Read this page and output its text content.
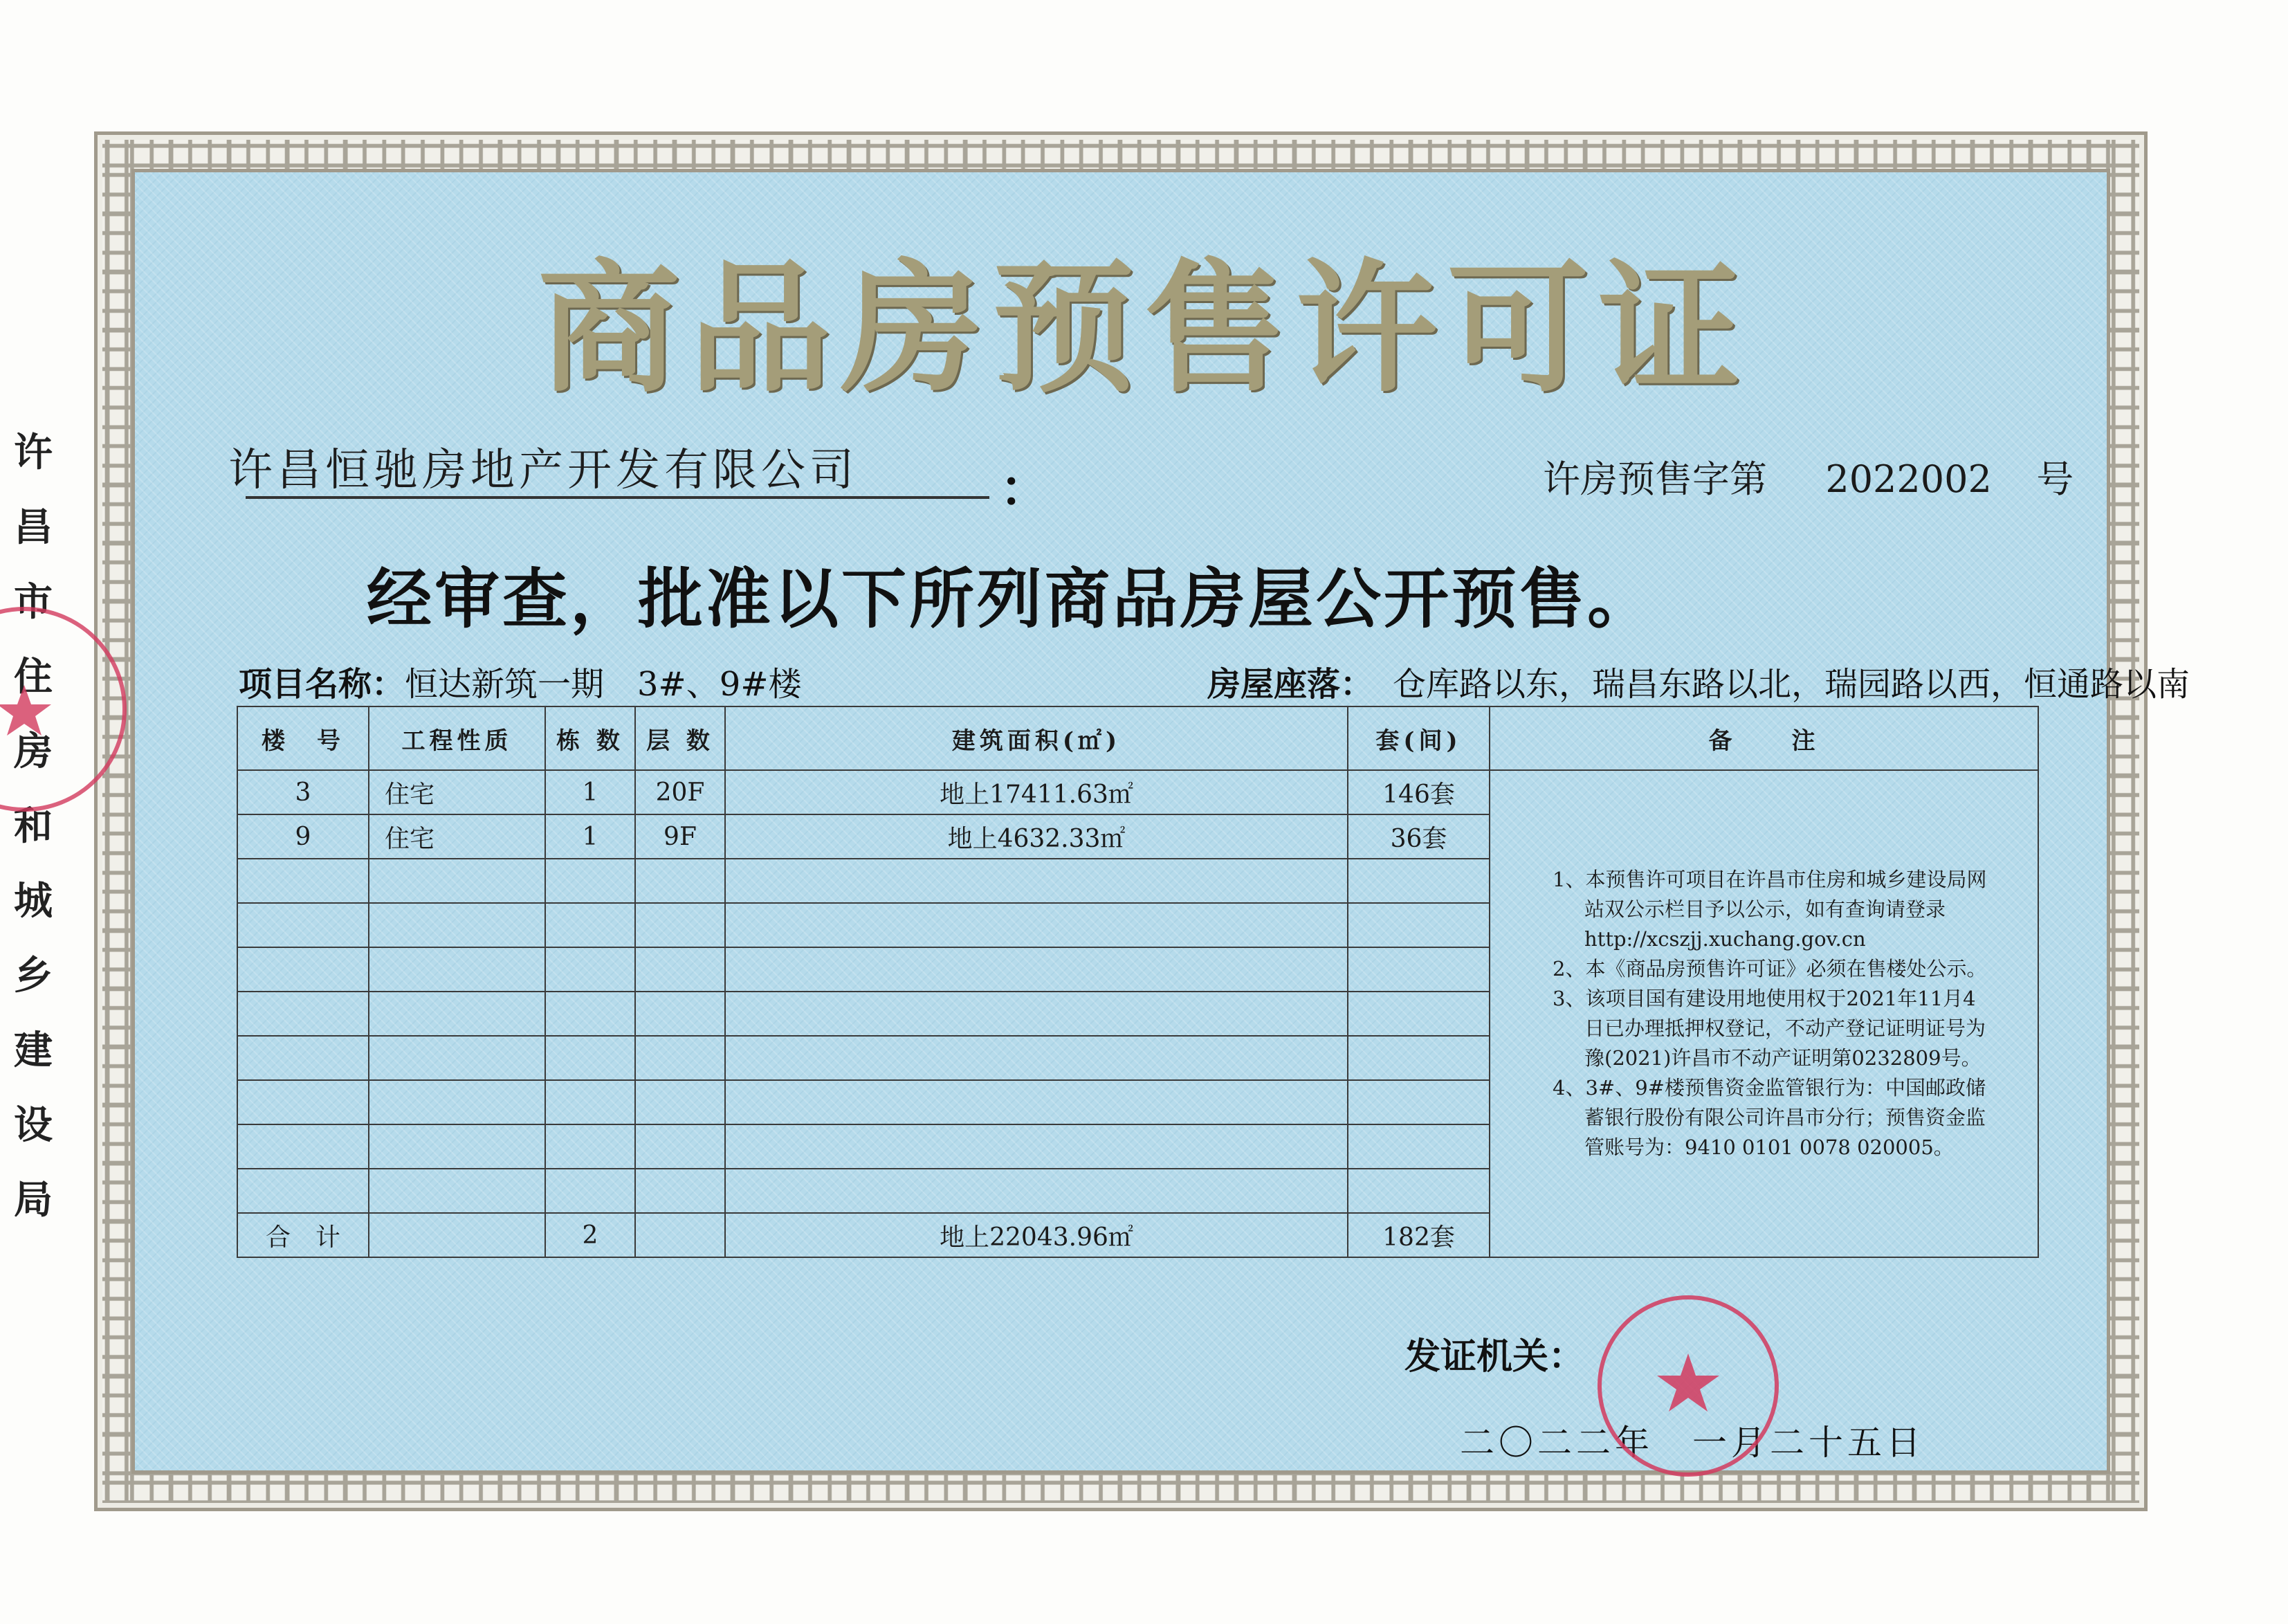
许
昌
市
住
房
和
城
乡
建
设
局
商品房预售许可证
许昌恒驰房地产开发有限公司	：	许房预售字第 2022002 号
经审查，批准以下所列商品房屋公开预售。
项目名称：恒达新筑一期　3#、9#楼	房屋座落： 仓库路以东，瑞昌东路以北，瑞园路以西，恒通路以南
楼　号	工程性质	栋 数	层 数	建筑面积(㎡)	套(间)	备　　注
3	住宅	1	20F	地上17411.63㎡	146套	1、本预售许可项目在许昌市住房和城乡建设局网站双公示栏目予以公示，如有查询请登录http://xcszjj.xuchang.gov.cn

2、本《商品房预售许可证》必须在售楼处公示。

3、该项目国有建设用地使用权于2021年11月4日已办理抵押权登记，不动产登记证明证号为豫(2021)许昌市不动产证明第0232809号。

4、3#、9#楼预售资金监管银行为：中国邮政储蓄银行股份有限公司许昌市分行；预售资金监管账号为：9410 0101 0078 020005。

9	住宅	1	9F	地上4632.33㎡	36套	

合　计		2		地上22043.96㎡	182套	
发证机关：
二〇二二年　一月二十五日
